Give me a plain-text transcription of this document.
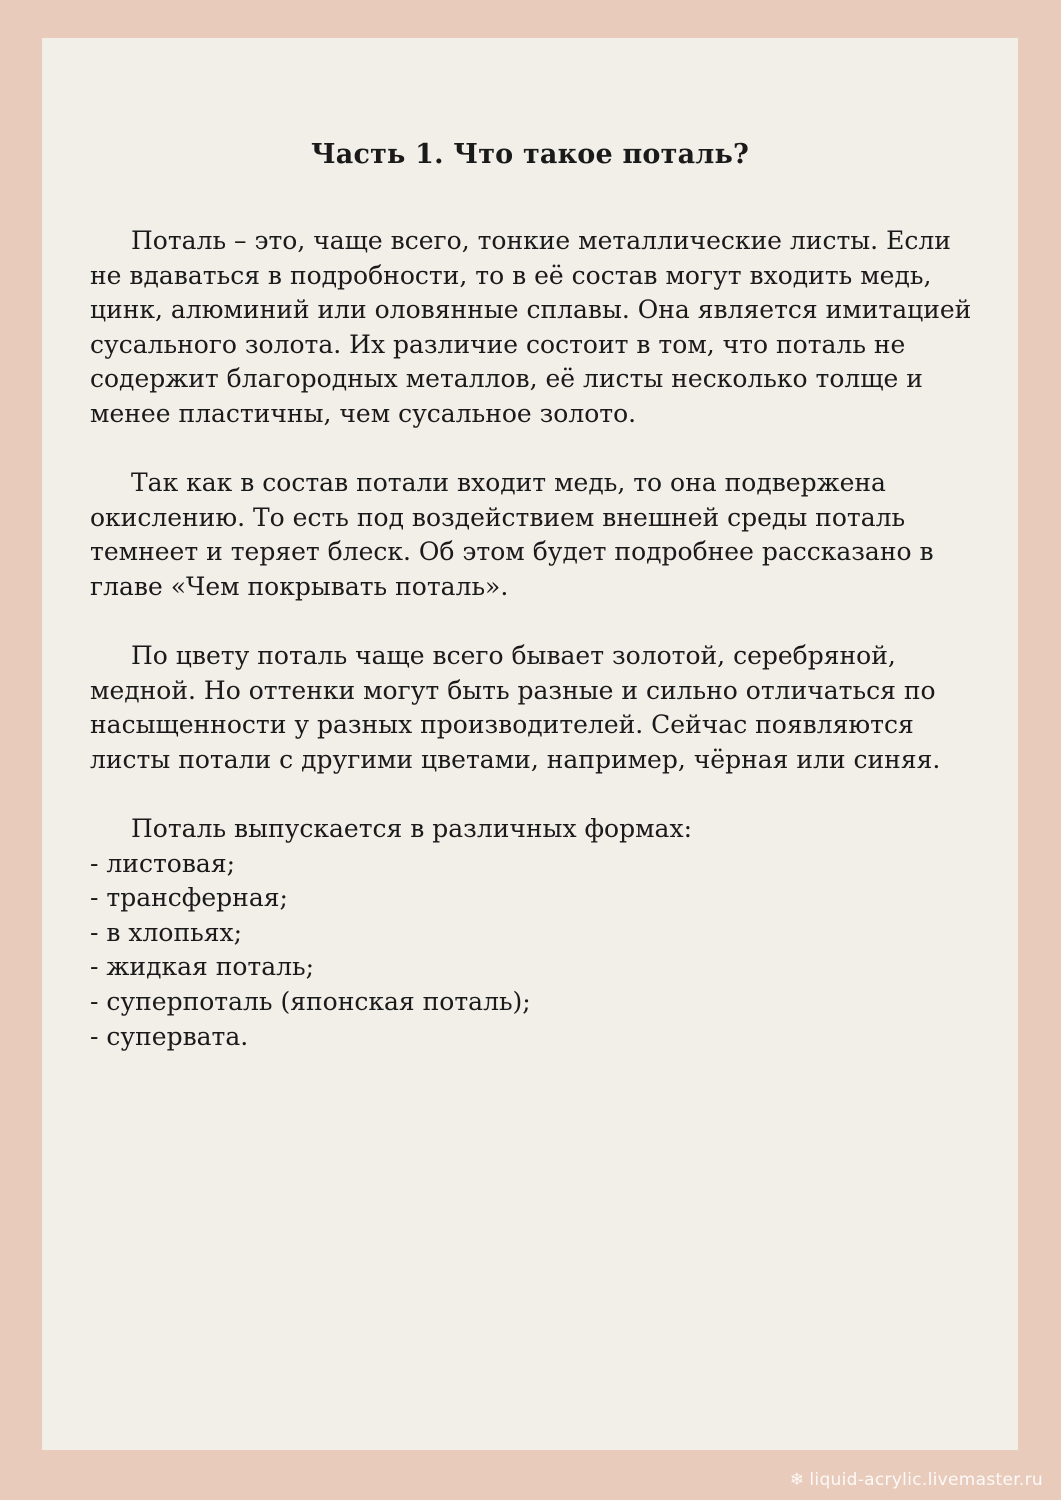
Часть 1. Что такое поталь?

Поталь – это, чаще всего, тонкие металлические листы. Если не вдаваться в подробности, то в её состав могут входить медь, цинк, алюминий или оловянные сплавы. Она является имитацией сусального золота. Их различие состоит в том, что поталь не содержит благородных металлов, её листы несколько толще и менее пластичны, чем сусальное золото.

Так как в состав потали входит медь, то она подвержена окислению. То есть под воздействием внешней среды поталь темнеет и теряет блеск. Об этом будет подробнее рассказано в главе «Чем покрывать поталь».

По цвету поталь чаще всего бывает золотой, серебряной, медной. Но оттенки могут быть разные и сильно отличаться по насыщенности у разных производителей. Сейчас появляются листы потали с другими цветами, например, чёрная или синяя.

Поталь выпускается в различных формах:

- листовая;
- трансферная;
- в хлопьях;
- жидкая поталь;
- суперпоталь (японская поталь);
- супервата.
❄ liquid-acrylic.livemaster.ru
